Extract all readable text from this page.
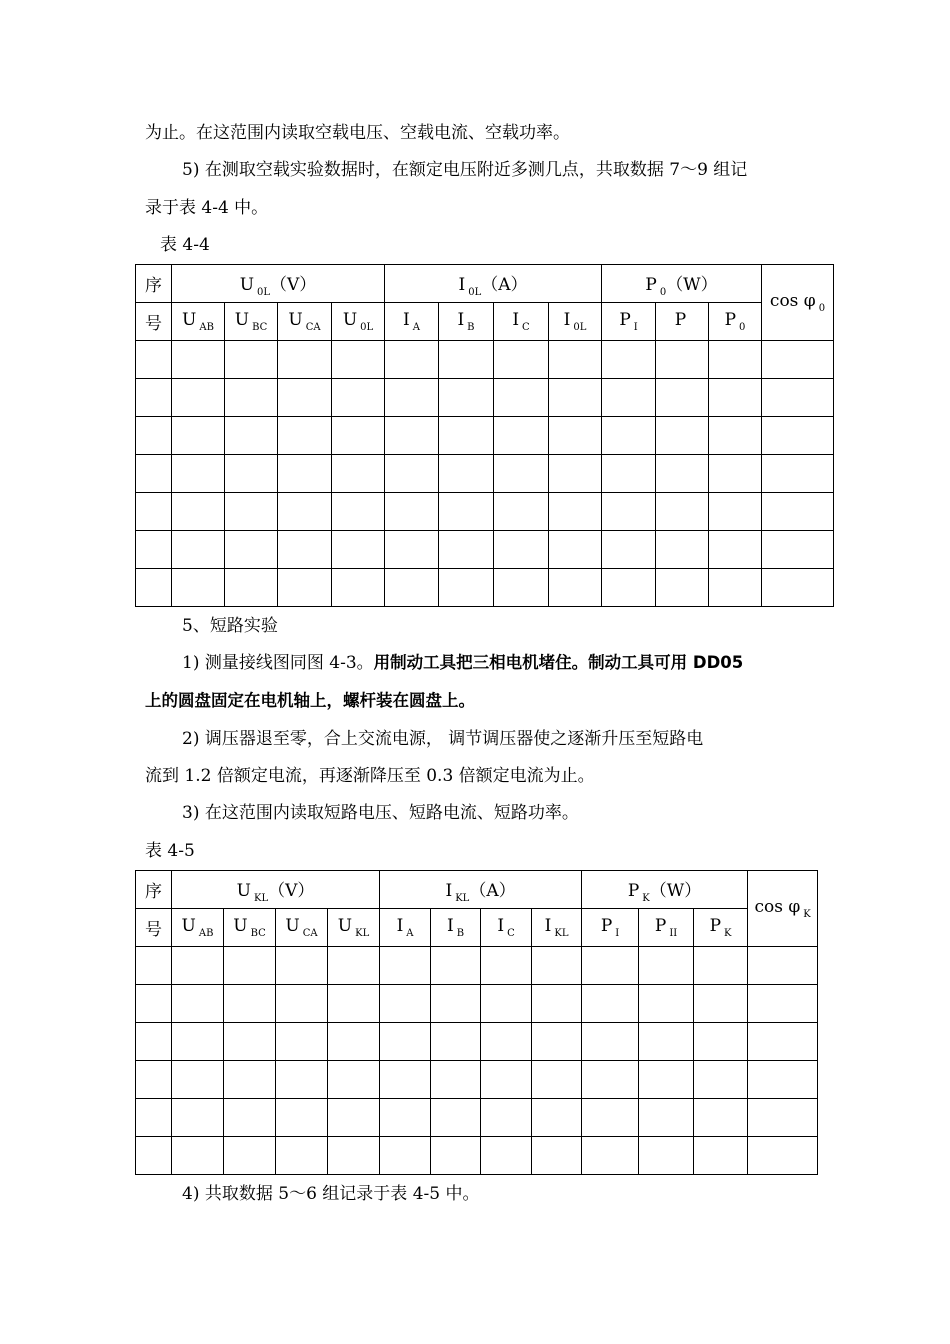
为止。在这范围内读取空载电压、空载电流、空载功率。
5) 在测取空载实验数据时，在额定电压附近多测几点，共取数据 7～9 组记
录于表 4-4 中。
表 4-4
序	U $_{0L}$（V）				I $_{0L}$（A）				P $_0$（W）			cos φ $_0$
号	U $_{AB}$	U $_{BC}$	U $_{CA}$	U $_{0L}$	I $_A$	I $_B$	I $_C$	I $_{0L}$	P $_I$	P	P $_0$

5、短路实验
1) 测量接线图同图 4-3。用制动工具把三相电机堵住。制动工具可用 DD05
上的圆盘固定在电机轴上，螺杆装在圆盘上。
2) 调压器退至零，合上交流电源， 调节调压器使之逐渐升压至短路电
流到 1.2 倍额定电流，再逐渐降压至 0.3 倍额定电流为止。
3) 在这范围内读取短路电压、短路电流、短路功率。
表 4-5
序	U $_{KL}$（V）				I $_{KL}$（A）				P $_K$（W）			cos φ $_K$
号	U $_{AB}$	U $_{BC}$	U $_{CA}$	U $_{KL}$	I $_A$	I $_B$	I $_C$	I $_{KL}$	P $_I$	P $_{II}$	P $_K$

4) 共取数据 5～6 组记录于表 4-5 中。
